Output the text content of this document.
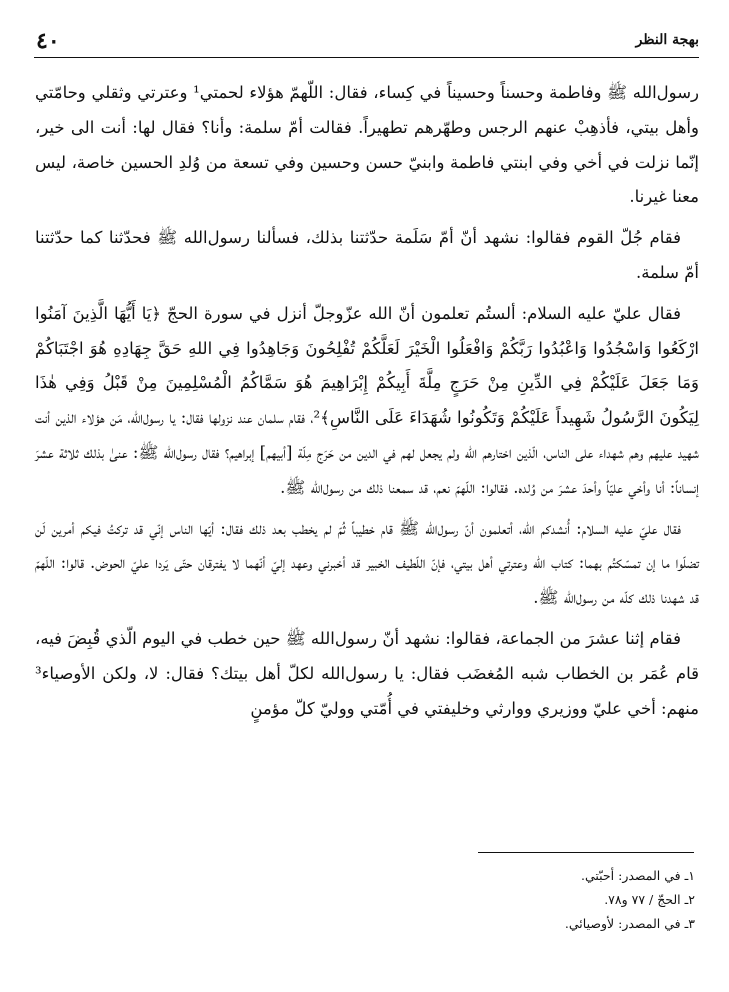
٤٠	بهجة النظر

رسول‌الله ﷺ وفاطمة وحسناً وحسيناً في كِساء، فقال: اللّهمّ هؤلاء لحمتي¹ وعترتي وثقلي وحامّتي وأهل بيتي، فأذهِبْ عنهم الرجس وطهّرهم تطهيراً. فقالت أمّ سلمة: وأنا؟ فقال لها: أنت الى خير، إنّما نزلت في أخي وفي ابنتي فاطمة وابنيّ حسن وحسين وفي تسعة من وُلدِ الحسين خاصة، ليس معنا غيرنا.

فقام جُلّ القوم فقالوا: نشهد أنّ أمّ سَلَمة حدّثتنا بذلك، فسألنا رسول‌الله ﷺ فحدّثنا كما حدّثتنا أمّ سلمة.

فقال عليّ عليه السلام: ألستُم تعلمون أنّ الله عزّوجلّ أنزل في سورة الحجّ ﴿يَا أَيُّهَا الَّذِينَ آمَنُوا ارْكَعُوا وَاسْجُدُوا وَاعْبُدُوا رَبَّكُمْ وَافْعَلُوا الْخَيْرَ لَعَلَّكُمْ تُفْلِحُونَ وَجَاهِدُوا فِي اللهِ حَقَّ جِهَادِهِ هُوَ اجْتَبَاكُمْ وَمَا جَعَلَ عَلَيْكُمْ فِي الدِّينِ مِنْ حَرَجٍ مِلَّةَ أَبِيكُمْ إِبْرَاهِيمَ هُوَ سَمَّاكُمُ الْمُسْلِمِينَ مِنْ قَبْلُ وَفِي هٰذَا لِيَكُونَ الرَّسُولُ شَهِيداً عَلَيْكُمْ وَتَكُونُوا شُهَدَاءَ عَلَى النَّاسِ﴾²، فقام سلمان عند نزولها فقال: يا رسول‌الله، مَن هؤلاء الذين أنت شهيد عليهم وهم شهداء على الناس، الّذين اختارهم الله ولم يجعل لهم في الدين من حَرَج مِلّة [أبيهم] إبراهيم؟ فقال رسول‌الله ﷺ: عنىٰ بذلك ثلاثة عشرَ إنساناً: أنا وأخي عليّاً وأحدَ عشرَ من وُلده. فقالوا: اللّهمّ نعم، قد سمعنا ذلك من رسول‌الله ﷺ.

فقال عليّ عليه السلام: أُنشدكم الله، أتعلمون أنّ رسول‌الله ﷺ قام خطيباً ثُمّ لم يخطب بعد ذلك فقال: أيّها الناس إنّي قد تركتُ فيكم أمرين لَن تضلّوا ما إن تمسّكتُم بهما: كتاب الله وعترتي أهل بيتي، فإنّ اللّطيف الخبير قد أخبرني وعهد إليّ أنّهما لا يفترقان حتّى يَردا عليّ الحوض. قالوا: اللّهمّ قد شهدنا ذلك كلّه من رسول‌الله ﷺ.

فقام إثنا عشرَ من الجماعة، فقالوا: نشهد أنّ رسول‌الله ﷺ حين خطب في اليوم الّذي قُبِضَ فيه، قام عُمَر بن الخطاب شبه المُغضَب فقال: يا رسول‌الله لكلّ أهل بيتك؟ فقال: لا، ولكن الأوصياء³ منهم: أخي عليّ ووزيري ووارثي وخليفتي في أُمّتي ووليّ كلّ مؤمنٍ

١ـ في المصدر: أحبّتي.
٢ـ الحجّ / ٧٧ و٧٨.
٣ـ في المصدر: لأوصيائي.
